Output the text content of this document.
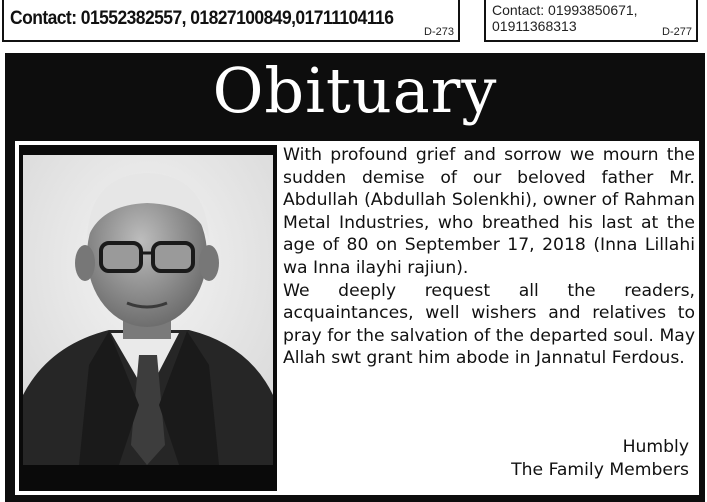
Contact: 01552382557, 01827100849,01711104116
D-273
Contact: 01993850671,
01911368313	D-277
Obituary

With profound grief and sorrow we mourn the sudden demise of our beloved father Mr. Abdullah (Abdullah Solenkhi), owner of Rahman Metal Industries, who breathed his last at the age of 80 on September 17, 2018 (Inna Lillahi wa Inna ilayhi rajiun).

We deeply request all the readers, acquaintances, well wishers and relatives to pray for the salvation of the departed soul. May Allah swt grant him abode in Jannatul Ferdous.

Humbly
The Family Members
